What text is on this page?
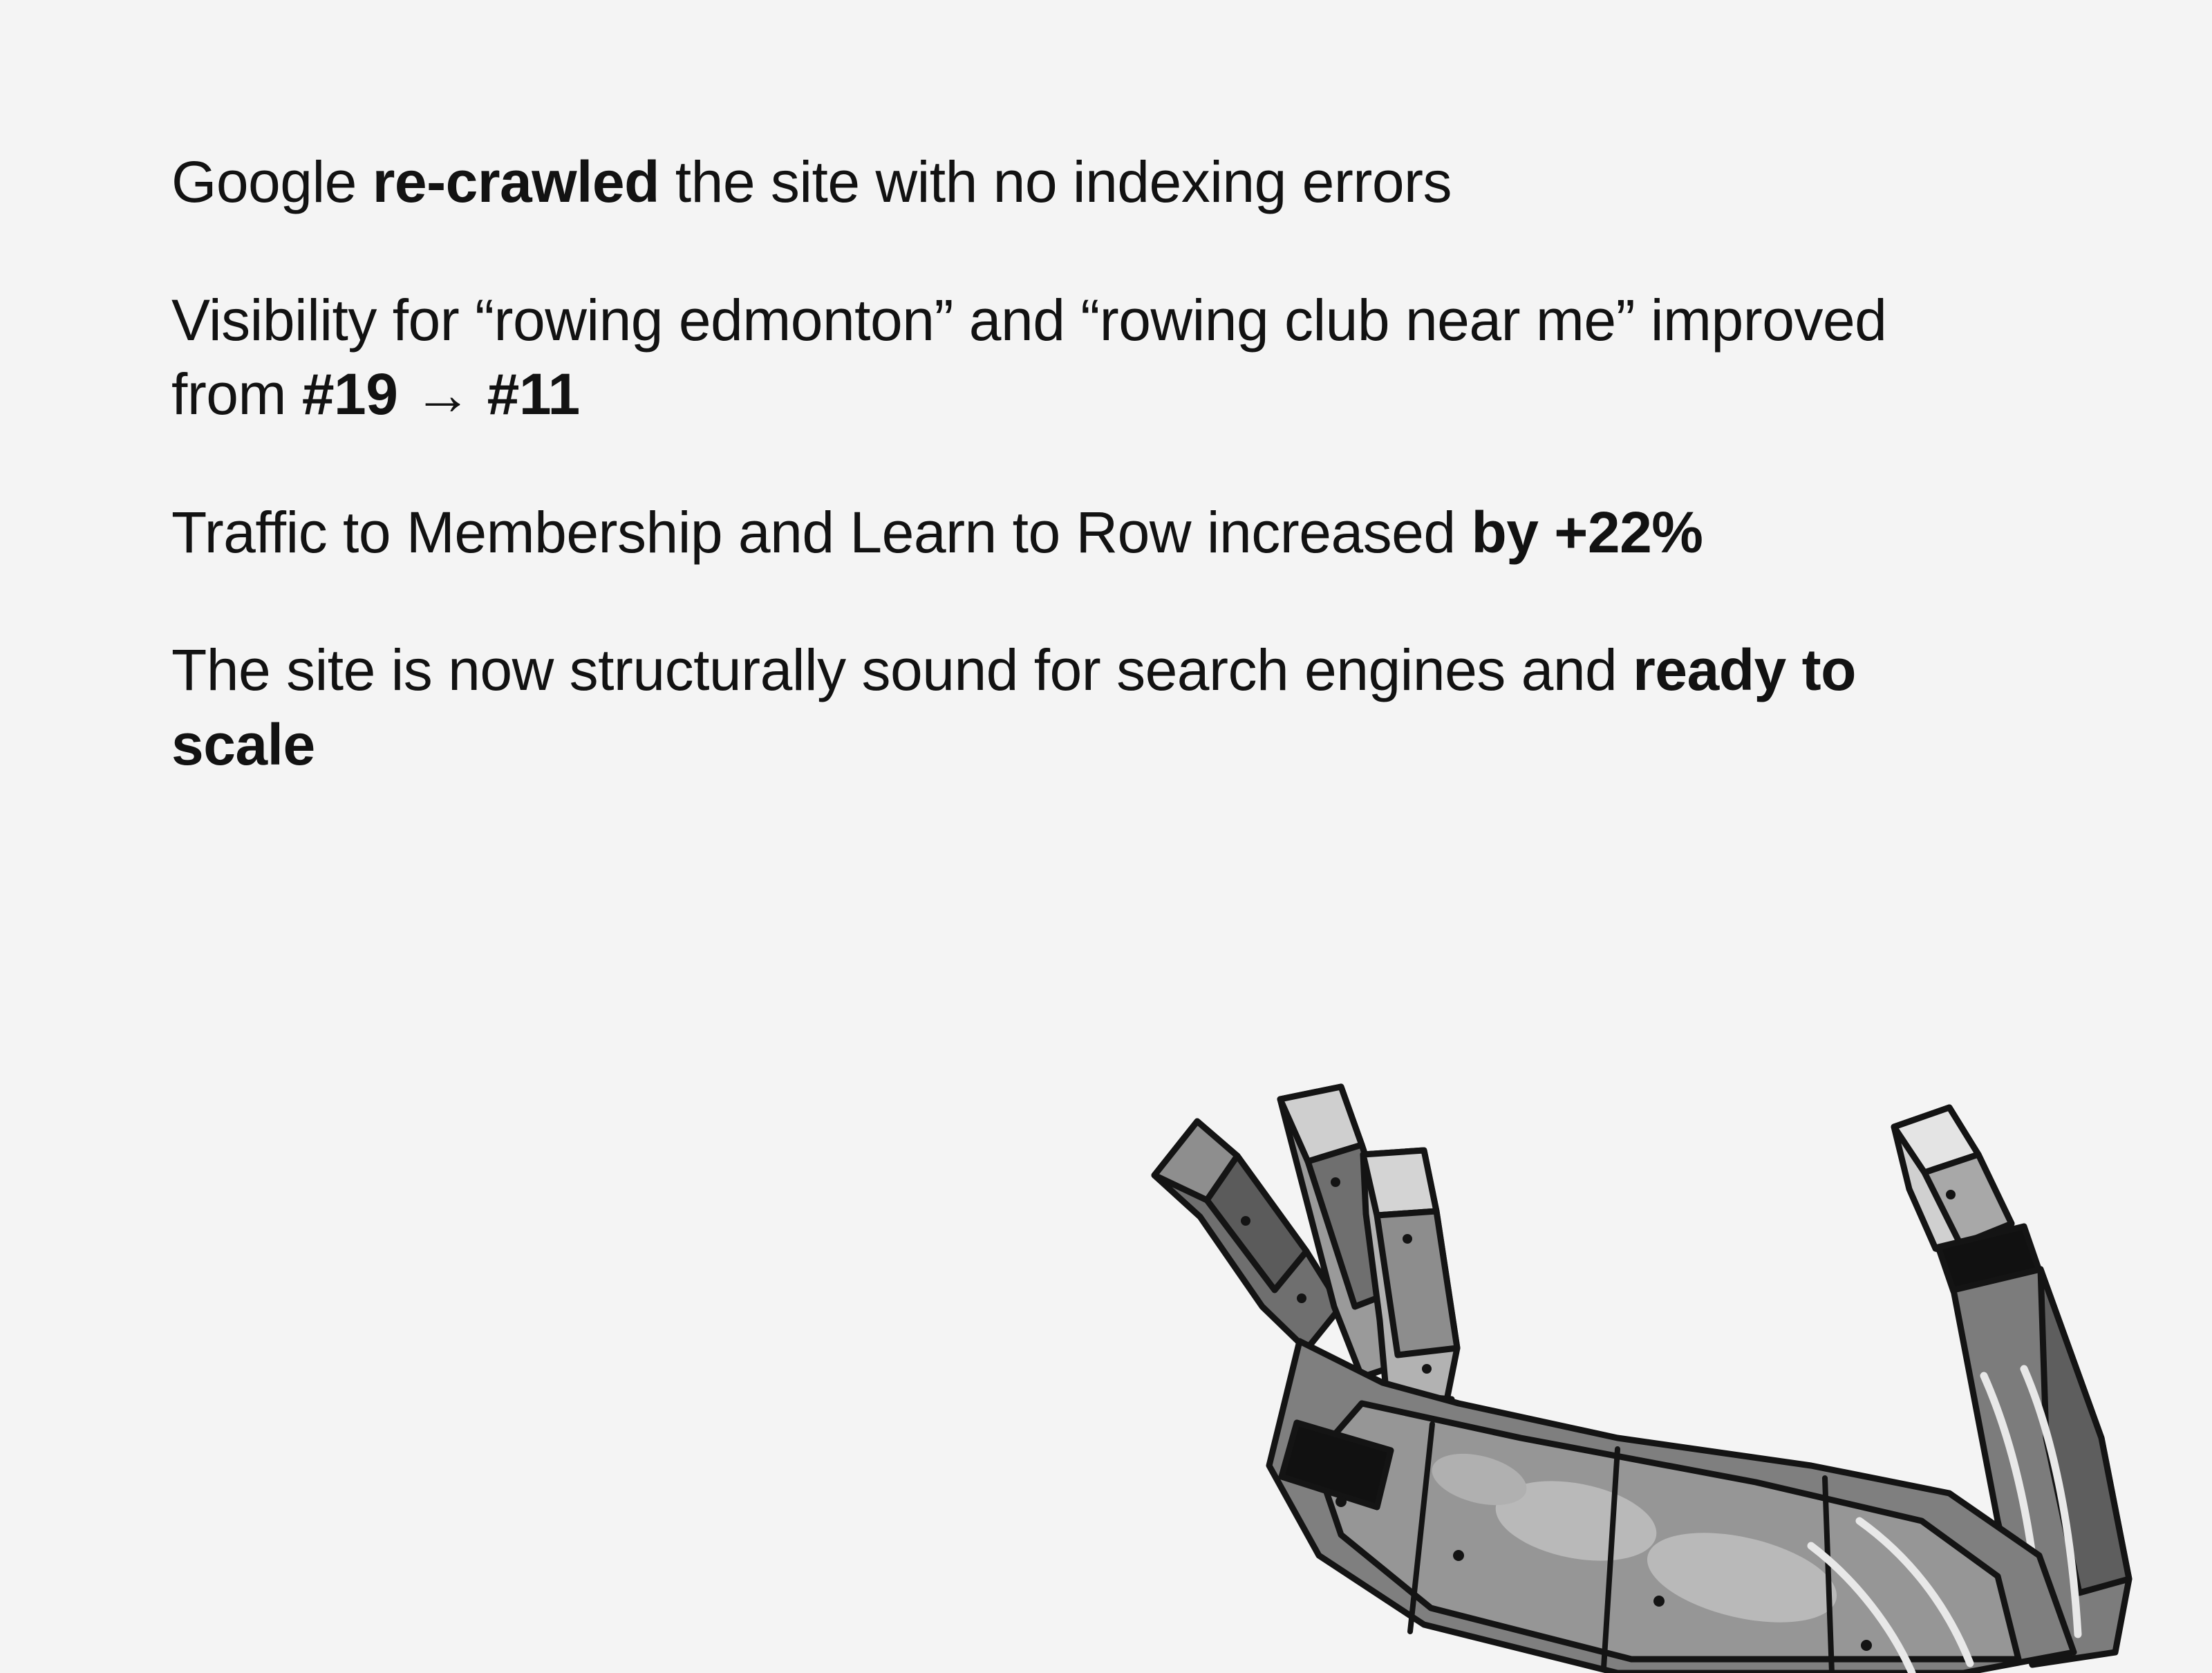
Google re-crawled the site with no indexing errors

Visibility for “rowing edmonton” and “rowing club near me” improved from #19 → #11

Traffic to Membership and Learn to Row increased by +22%

The site is now structurally sound for search engines and ready to scale
